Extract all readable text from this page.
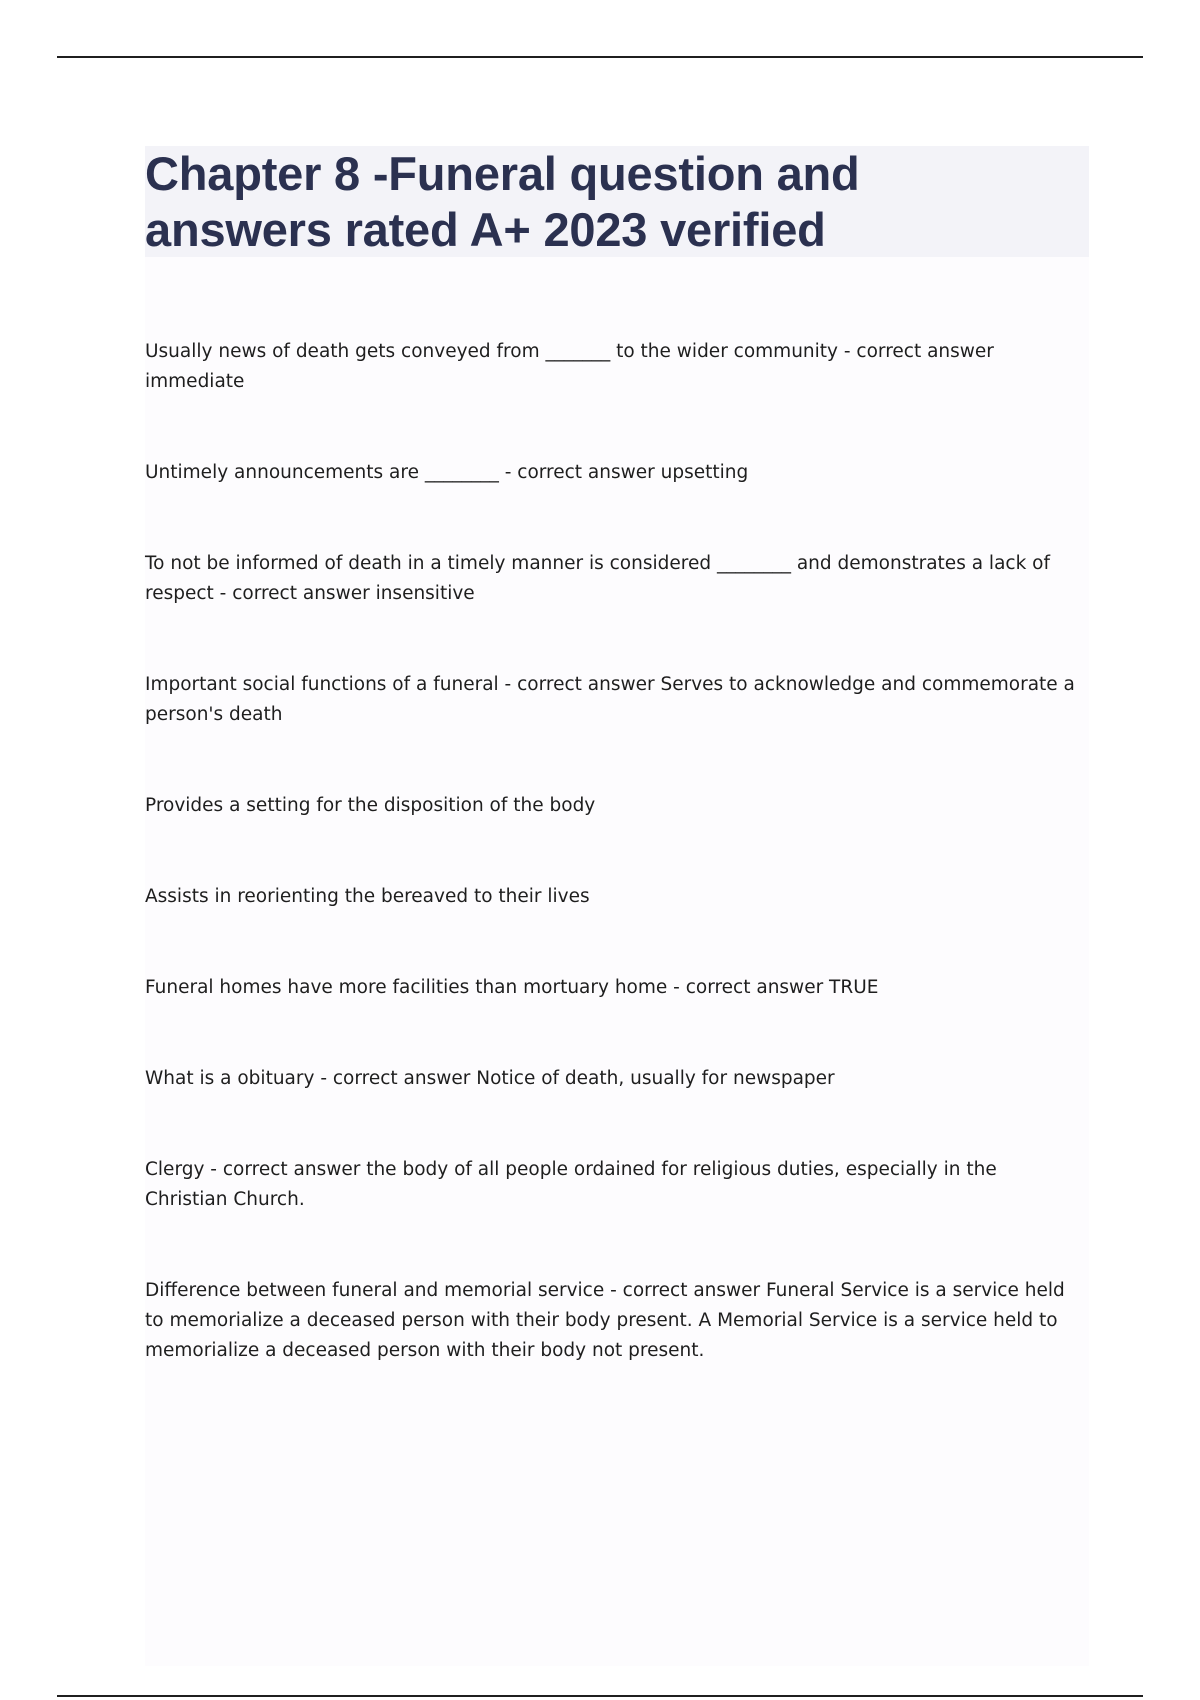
Chapter 8 -Funeral question and
answers rated A+ 2023 verified

Usually news of death gets conveyed from _______ to the wider community - correct answer immediate

Untimely announcements are ________ - correct answer upsetting

To not be informed of death in a timely manner is considered ________ and demonstrates a lack of respect - correct answer insensitive

Important social functions of a funeral - correct answer Serves to acknowledge and commemorate a person's death

Provides a setting for the disposition of the body

Assists in reorienting the bereaved to their lives

Funeral homes have more facilities than mortuary home - correct answer TRUE

What is a obituary - correct answer Notice of death, usually for newspaper

Clergy - correct answer the body of all people ordained for religious duties, especially in the Christian Church.

Difference between funeral and memorial service - correct answer Funeral Service is a service held to memorialize a deceased person with their body present. A Memorial Service is a service held to memorialize a deceased person with their body not present.
